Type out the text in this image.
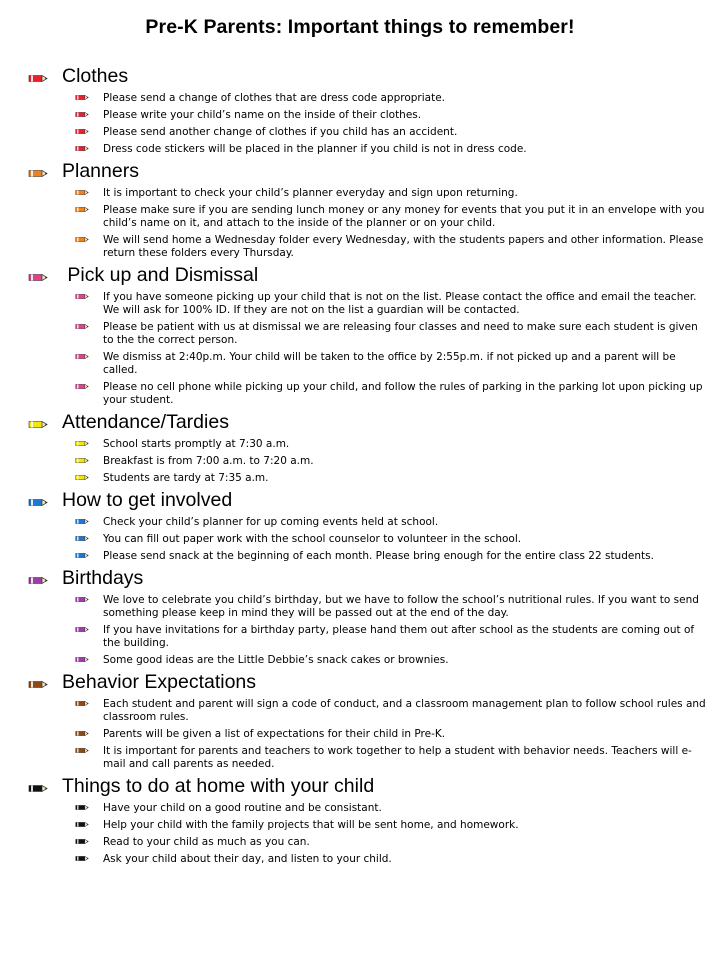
Pre-K Parents: Important things to remember!
Clothes
Please send a change of clothes that are dress code appropriate.
Please write your child’s name on the inside of their clothes.
Please send another change of clothes if you child has an accident.
Dress code stickers will be placed in the planner if you child is not in dress code.
Planners
It is important to check your child’s planner everyday and sign upon returning.
Please make sure if you are sending lunch money or any money for events that you put it in an envelope with you child’s name on it, and attach to the inside of the planner or on your child.
We will send home a Wednesday folder every Wednesday, with the students papers and other information. Please return these folders every Thursday.
Pick up and Dismissal
If you have someone picking up your child that is not on the list. Please contact the office and email the teacher. We will ask for 100% ID. If they are not on the list a guardian will be contacted.
Please be patient with us at dismissal we are releasing four classes and need to make sure each student is given to the the correct person.
We dismiss at 2:40p.m. Your child will be taken to the office by 2:55p.m. if not picked up and a parent will be called.
Please no cell phone while picking up your child, and follow the rules of parking in the parking lot upon picking up your student.
Attendance/Tardies
School starts promptly at 7:30 a.m.
Breakfast is from 7:00 a.m. to 7:20 a.m.
Students are tardy at 7:35 a.m.
How to get involved
Check your child’s planner for up coming events held at school.
You can fill out paper work with the school counselor to volunteer in the school.
Please send snack at the beginning of each month. Please bring enough for the entire class 22 students.
Birthdays
We love to celebrate you child’s birthday, but we have to follow the school’s nutritional rules. If you want to send something please keep in mind they will be passed out at the end of the day.
If you have invitations for a birthday party, please hand them out after school as the students are coming out of the building.
Some good ideas are the Little Debbie’s snack cakes or brownies.
Behavior Expectations
Each student and parent will sign a code of conduct, and a classroom management plan to follow school rules and classroom rules.
Parents will be given a list of expectations for their child in Pre-K.
It is important for parents and teachers to work together to help a student with behavior needs. Teachers will e-mail and call parents as needed.
Things to do at home with your child
Have your child on a good routine and be consistant.
Help your child with the family projects that will be sent home, and homework.
Read to your child as much as you can.
Ask your child about their day, and listen to your child.
